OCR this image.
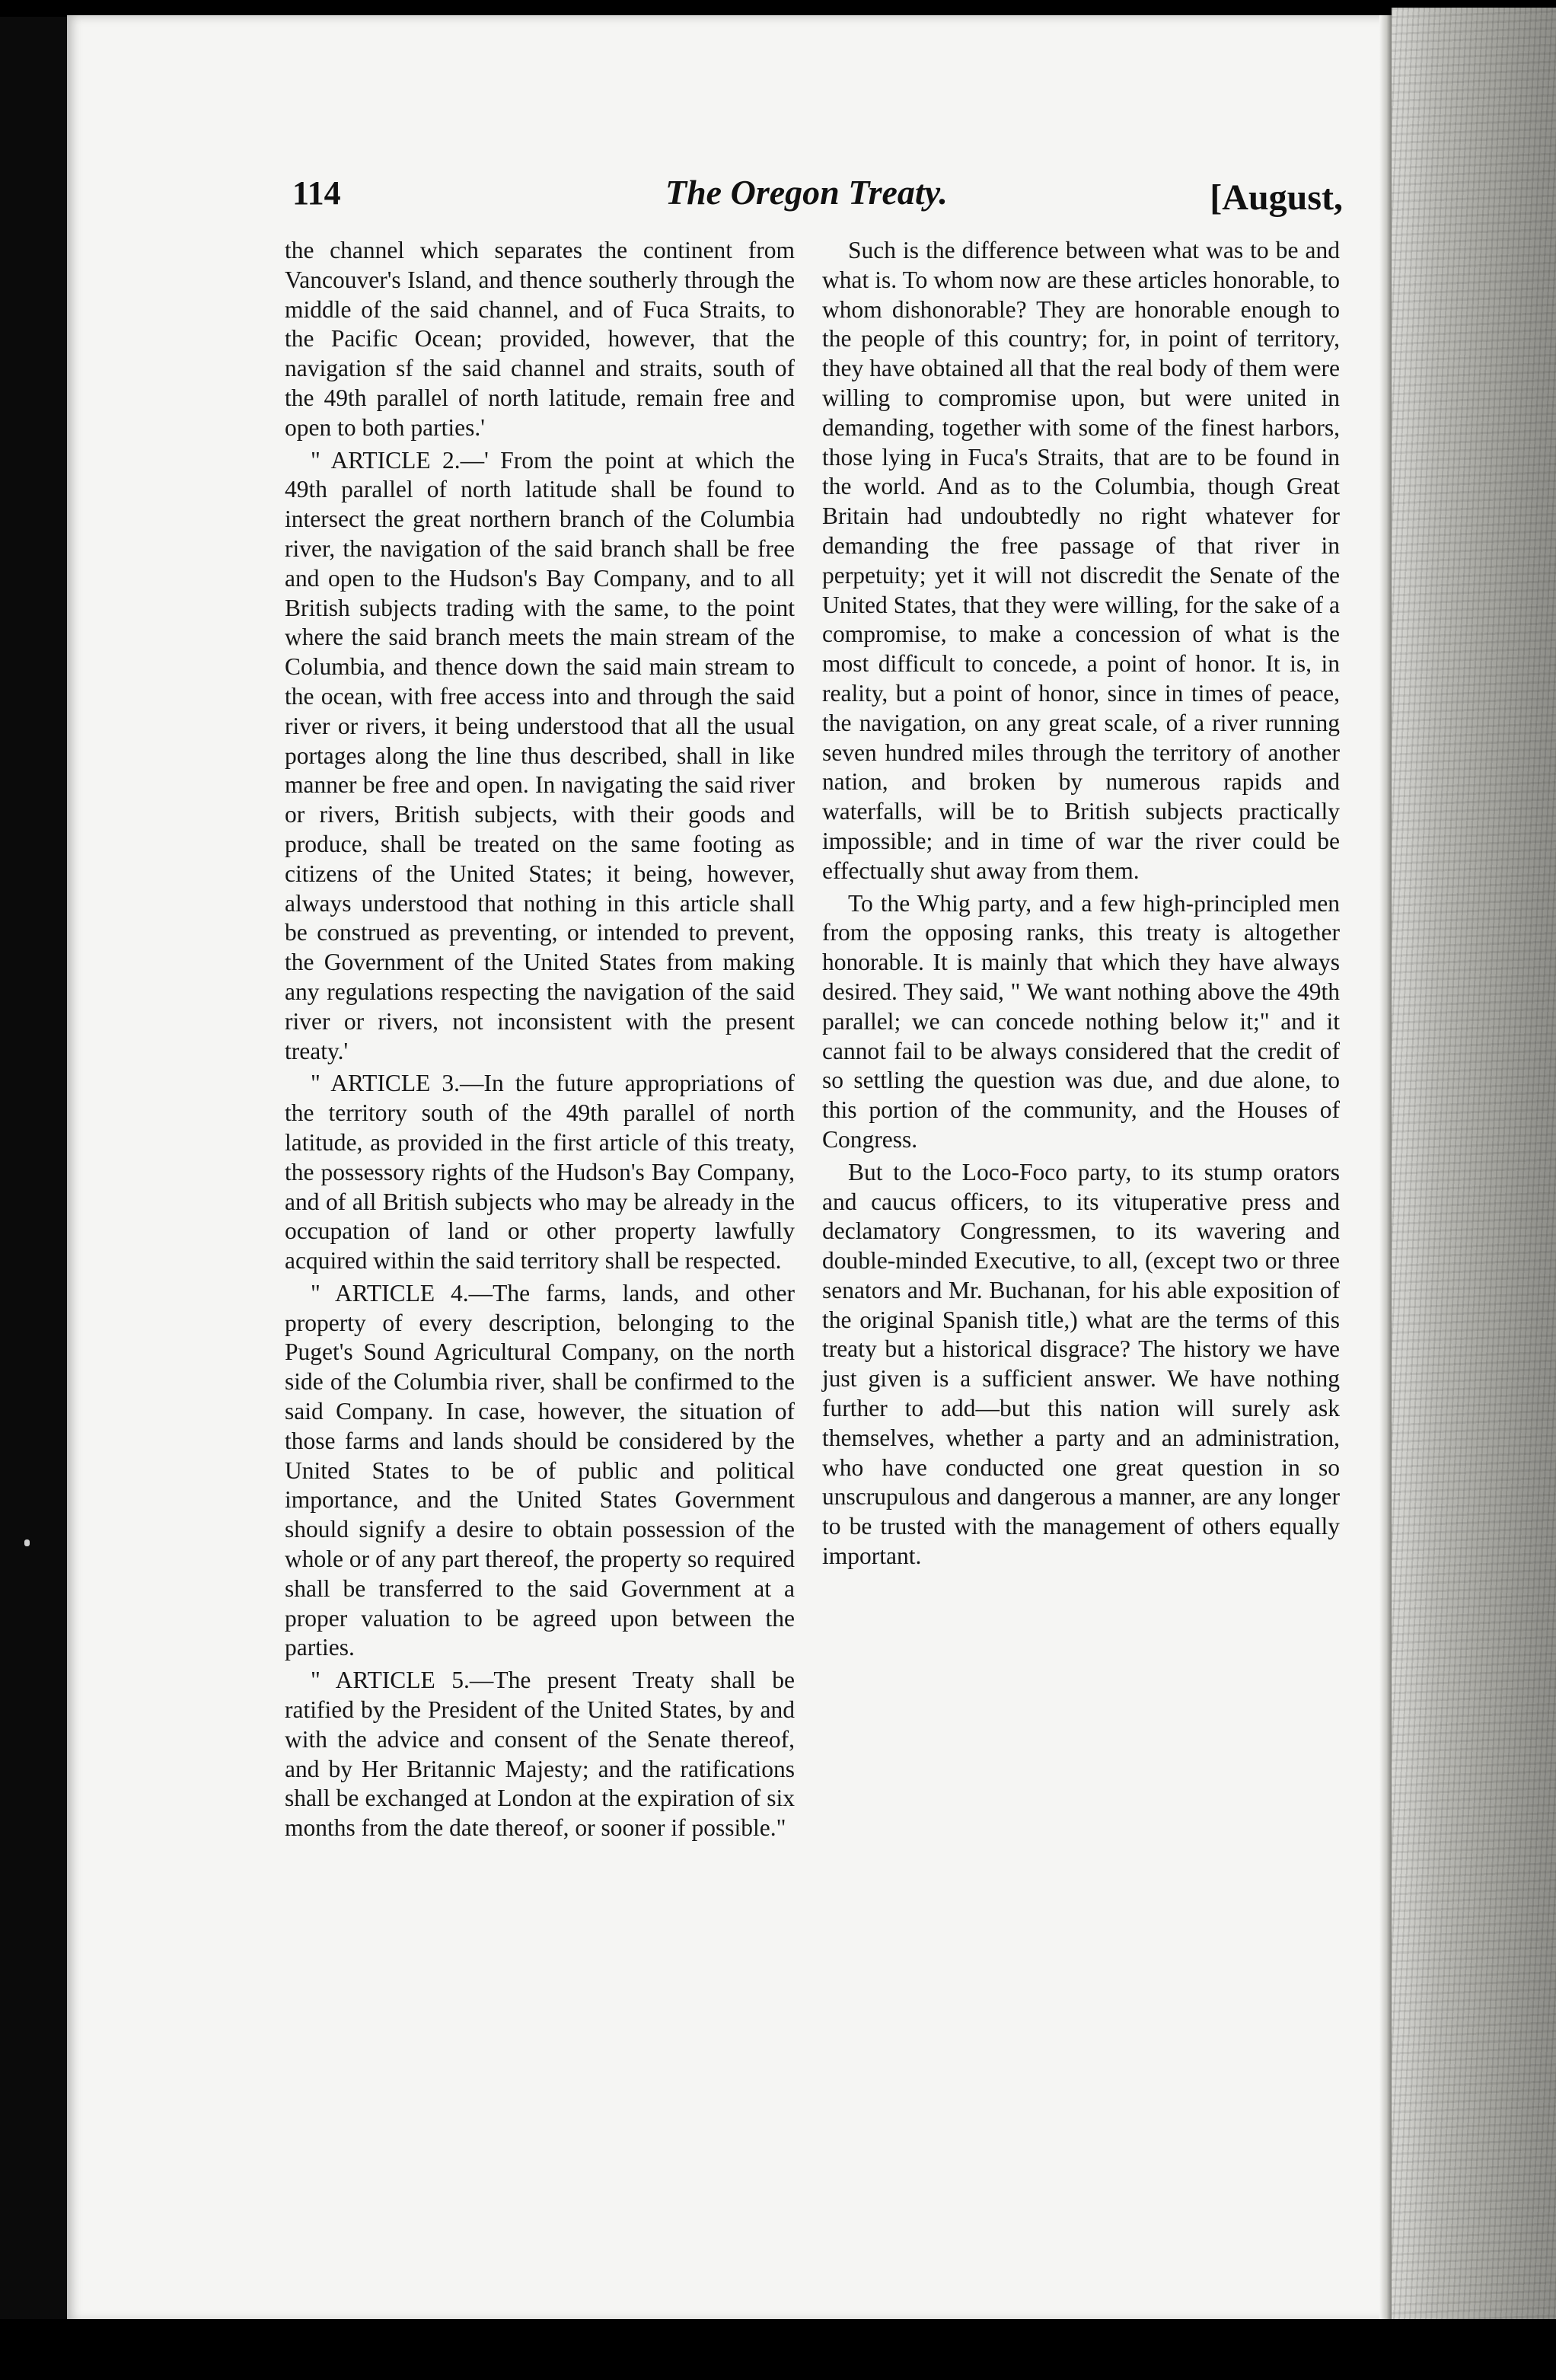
114	The Oregon Treaty.	[August,

the channel which separates the continent from Vancouver's Island, and thence southerly through the middle of the said channel, and of Fuca Straits, to the Pacific Ocean; provided, however, that the navigation sf the said channel and straits, south of the 49th parallel of north latitude, remain free and open to both parties.'

" ARTICLE 2.—' From the point at which the 49th parallel of north latitude shall be found to intersect the great northern branch of the Columbia river, the navigation of the said branch shall be free and open to the Hudson's Bay Company, and to all British subjects trading with the same, to the point where the said branch meets the main stream of the Columbia, and thence down the said main stream to the ocean, with free access into and through the said river or rivers, it being understood that all the usual portages along the line thus described, shall in like manner be free and open. In navigating the said river or rivers, British subjects, with their goods and produce, shall be treated on the same footing as citizens of the United States; it being, however, always understood that nothing in this article shall be construed as preventing, or intended to prevent, the Government of the United States from making any regulations respecting the navigation of the said river or rivers, not inconsistent with the present treaty.'

" ARTICLE 3.—In the future appropriations of the territory south of the 49th parallel of north latitude, as provided in the first article of this treaty, the possessory rights of the Hudson's Bay Company, and of all British subjects who may be already in the occupation of land or other property lawfully acquired within the said territory shall be respected.

" ARTICLE 4.—The farms, lands, and other property of every description, belonging to the Puget's Sound Agricultural Company, on the north side of the Columbia river, shall be confirmed to the said Company. In case, however, the situation of those farms and lands should be considered by the United States to be of public and political importance, and the United States Government should signify a desire to obtain possession of the whole or of any part thereof, the property so required shall be transferred to the said Government at a proper valuation to be agreed upon between the parties.

" ARTICLE 5.—The present Treaty shall be ratified by the President of the United States, by and with the advice and consent of the Senate thereof, and by Her Britannic Majesty; and the ratifications shall be exchanged at London at the expiration of six months from the date thereof, or sooner if possible."

Such is the difference between what was to be and what is. To whom now are these articles honorable, to whom dishonorable? They are honorable enough to the people of this country; for, in point of territory, they have obtained all that the real body of them were willing to compromise upon, but were united in demanding, together with some of the finest harbors, those lying in Fuca's Straits, that are to be found in the world. And as to the Columbia, though Great Britain had undoubtedly no right whatever for demanding the free passage of that river in perpetuity; yet it will not discredit the Senate of the United States, that they were willing, for the sake of a compromise, to make a concession of what is the most difficult to concede, a point of honor. It is, in reality, but a point of honor, since in times of peace, the navigation, on any great scale, of a river running seven hundred miles through the territory of another nation, and broken by numerous rapids and waterfalls, will be to British subjects practically impossible; and in time of war the river could be effectually shut away from them.

To the Whig party, and a few high-principled men from the opposing ranks, this treaty is altogether honorable. It is mainly that which they have always desired. They said, " We want nothing above the 49th parallel; we can concede nothing below it;" and it cannot fail to be always considered that the credit of so settling the question was due, and due alone, to this portion of the community, and the Houses of Congress.

But to the Loco-Foco party, to its stump orators and caucus officers, to its vituperative press and declamatory Congressmen, to its wavering and double-minded Executive, to all, (except two or three senators and Mr. Buchanan, for his able exposition of the original Spanish title,) what are the terms of this treaty but a historical disgrace? The history we have just given is a sufficient answer. We have nothing further to add—but this nation will surely ask themselves, whether a party and an administration, who have conducted one great question in so unscrupulous and dangerous a manner, are any longer to be trusted with the management of others equally important.
